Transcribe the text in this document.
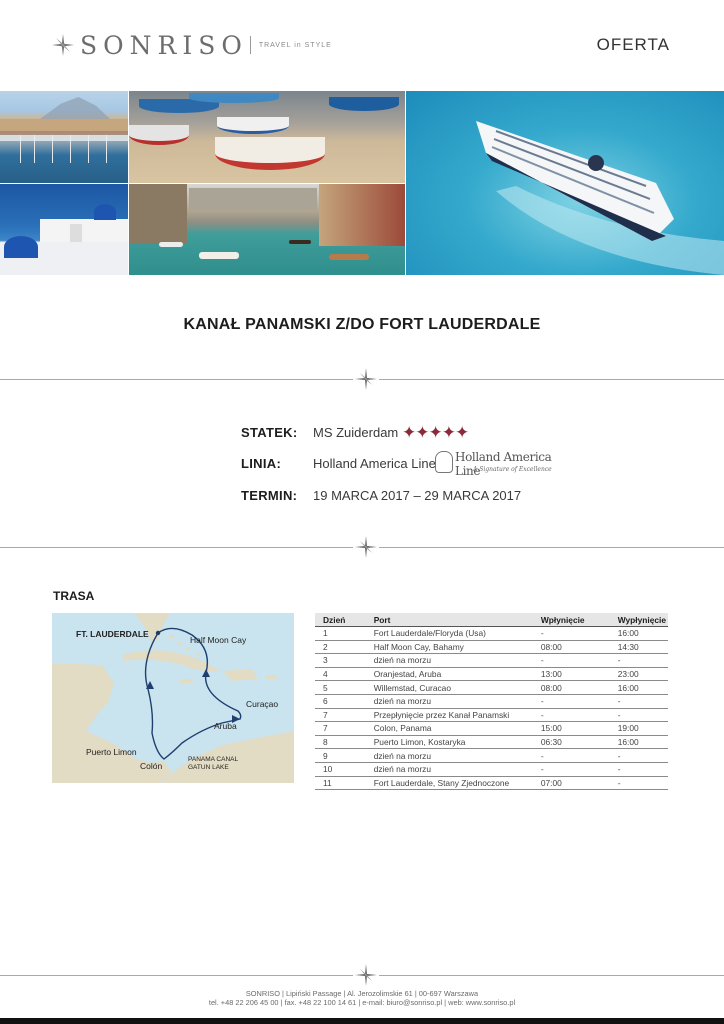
SONRISO TRAVEL in STYLE	OFERTA
KANAŁ PANAMSKI Z/DO FORT LAUDERDALE
STATEK: MS Zuiderdam ✦✦✦✦✦
LINIA: Holland America Line Holland America Line
A Signature of Excellence
TERMIN: 19 MARCA 2017 – 29 MARCA 2017
TRASA
FT. LAUDERDALE
Half Moon Cay
Curaçao
Aruba
Puerto Limon
Colón
PANAMA CANAL
GATUN LAKE
Dzień	Port	Wpłynięcie	Wypłynięcie
1	Fort Lauderdale/Floryda (Usa)	-	16:00
2	Half Moon Cay, Bahamy	08:00	14:30
3	dzień na morzu	-	-
4	Oranjestad, Aruba	13:00	23:00
5	Willemstad, Curacao	08:00	16:00
6	dzień na morzu	-	-
7	Przepłynięcie przez Kanał Panamski	-	-
7	Colon, Panama	15:00	19:00
8	Puerto Limon, Kostaryka	06:30	16:00
9	dzień na morzu	-	-
10	dzień na morzu	-	-
11	Fort Lauderdale, Stany Zjednoczone	07:00	-
SONRISO | Lipiński Passage | Al. Jerozolimskie 61 | 00-697 Warszawa
tel. +48 22 206 45 00 | fax. +48 22 100 14 61 | e-mail: biuro@sonriso.pl | web: www.sonriso.pl
